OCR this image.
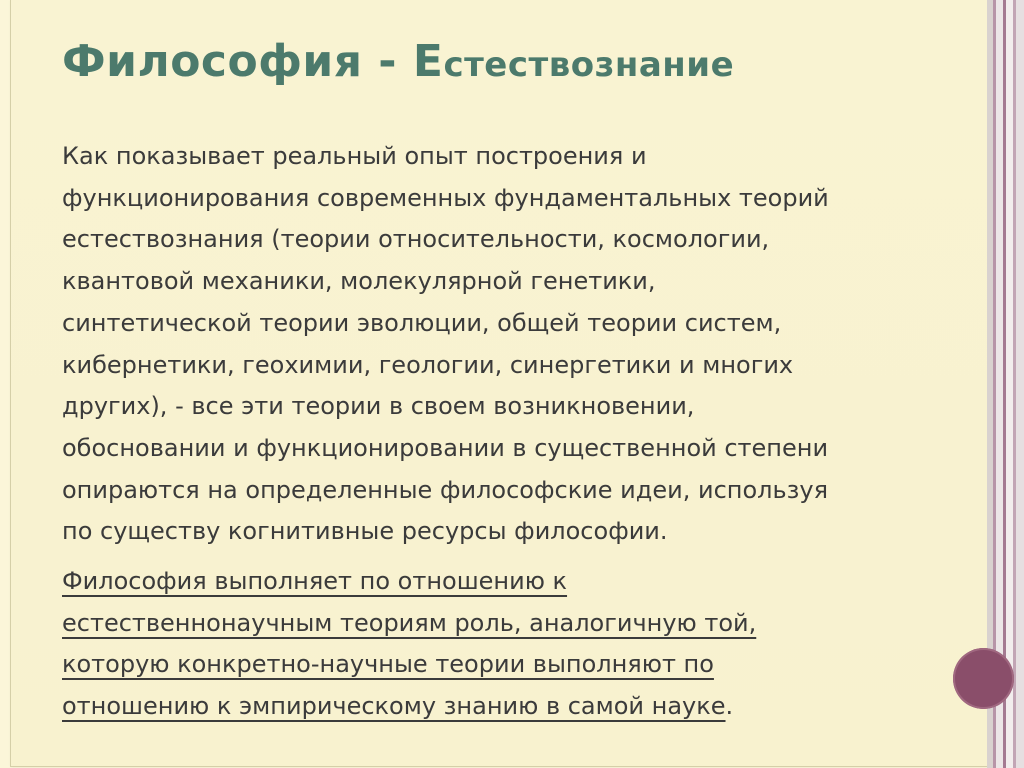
Философия - Естествознание

Как показывает реальный опыт построения и
функционирования современных фундаментальных теорий
естествознания (теории относительности, космологии,
квантовой механики, молекулярной генетики,
синтетической теории эволюции, общей теории систем,
кибернетики, геохимии, геологии, синергетики и многих
других), - все эти теории в своем возникновении,
обосновании и функционировании в существенной степени
опираются на определенные философские идеи, используя
по существу когнитивные ресурсы философии.

Философия выполняет по отношению к
естественнонаучным теориям роль, аналогичную той,
которую конкретно-научные теории выполняют по
отношению к эмпирическому знанию в самой науке.
